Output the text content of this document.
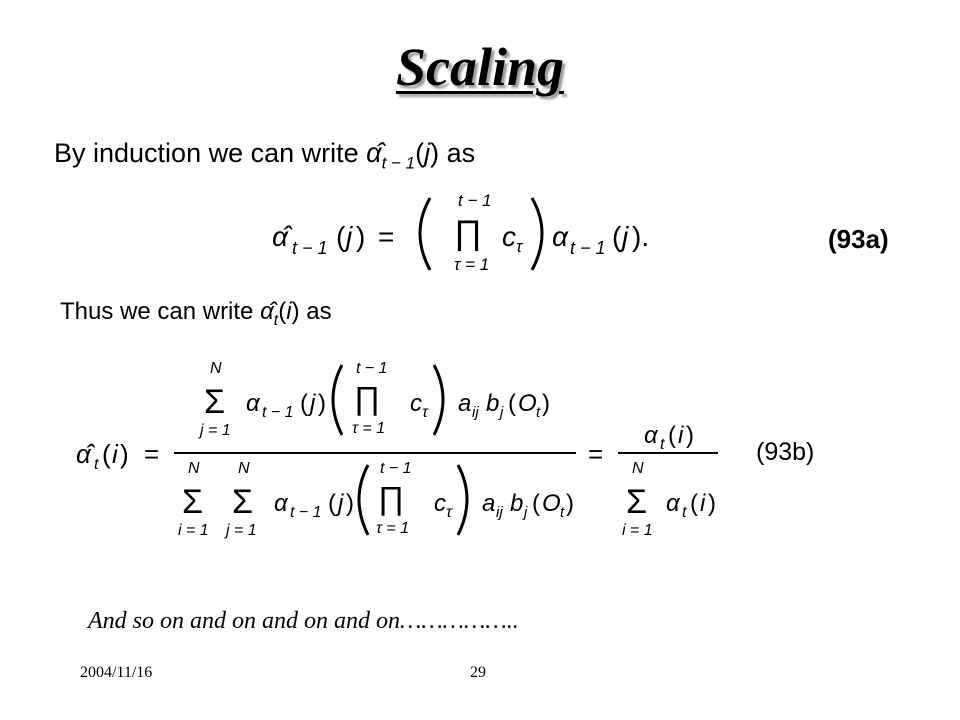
Scaling
By induction we can write $\alphâ_{t - 1}(j)$ as
α̂ t − 1 ( j ) =
t − 1
∏
τ = 1
c τ α t − 1 ( j ).	(93a)
Thus we can write $\alphâ_t(i)$ as
α̂ t ( i ) =
N
Σ
j = 1
α t − 1 ( j )
t − 1
∏
τ = 1
c τ a ij b j ( O t )
N
Σ
i = 1
N
Σ
j = 1
α t − 1 ( j )
t − 1
∏
τ = 1
c τ a ij b j ( O t )
=
α t ( i )
N
Σ
i = 1
α t ( i )
(93b)
And so on and on and on and on……………..
2004/11/16	29
